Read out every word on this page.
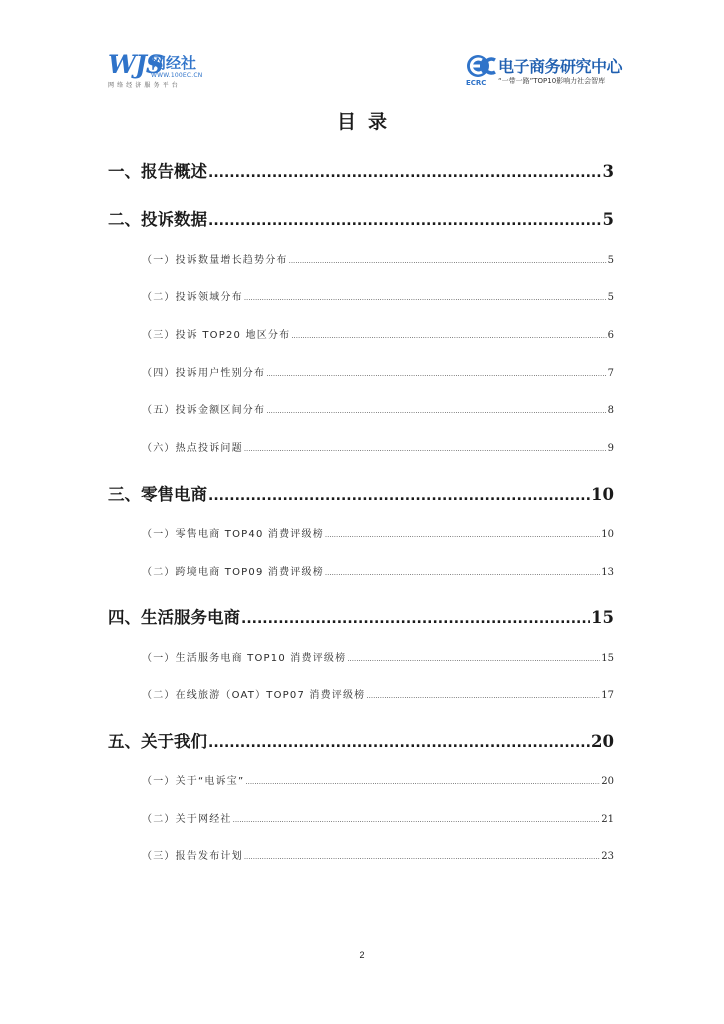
WJS
网经社
WWW.100EC.CN
网络经济服务平台	ECRC
电子商务研究中心
“一带一路”TOP10影响力社会智库
目录
一、报告概述 .....	3
二、投诉数据 .....	5
（一）投诉数量增长趋势分布 .....	5
（二）投诉领域分布 .....	5
（三）投诉 TOP20 地区分布 .....	6
（四）投诉用户性别分布 .....	7
（五）投诉金额区间分布 .....	8
（六）热点投诉问题 .....	9
三、零售电商 .....	10
（一）零售电商 TOP40 消费评级榜 .....	10
（二）跨境电商 TOP09 消费评级榜 .....	13
四、生活服务电商 .....	15
（一）生活服务电商 TOP10 消费评级榜 .....	15
（二）在线旅游（OAT）TOP07 消费评级榜 .....	17
五、关于我们 .....	20
（一）关于“电诉宝” .....	20
（二）关于网经社 .....	21
（三）报告发布计划 .....	23
2
